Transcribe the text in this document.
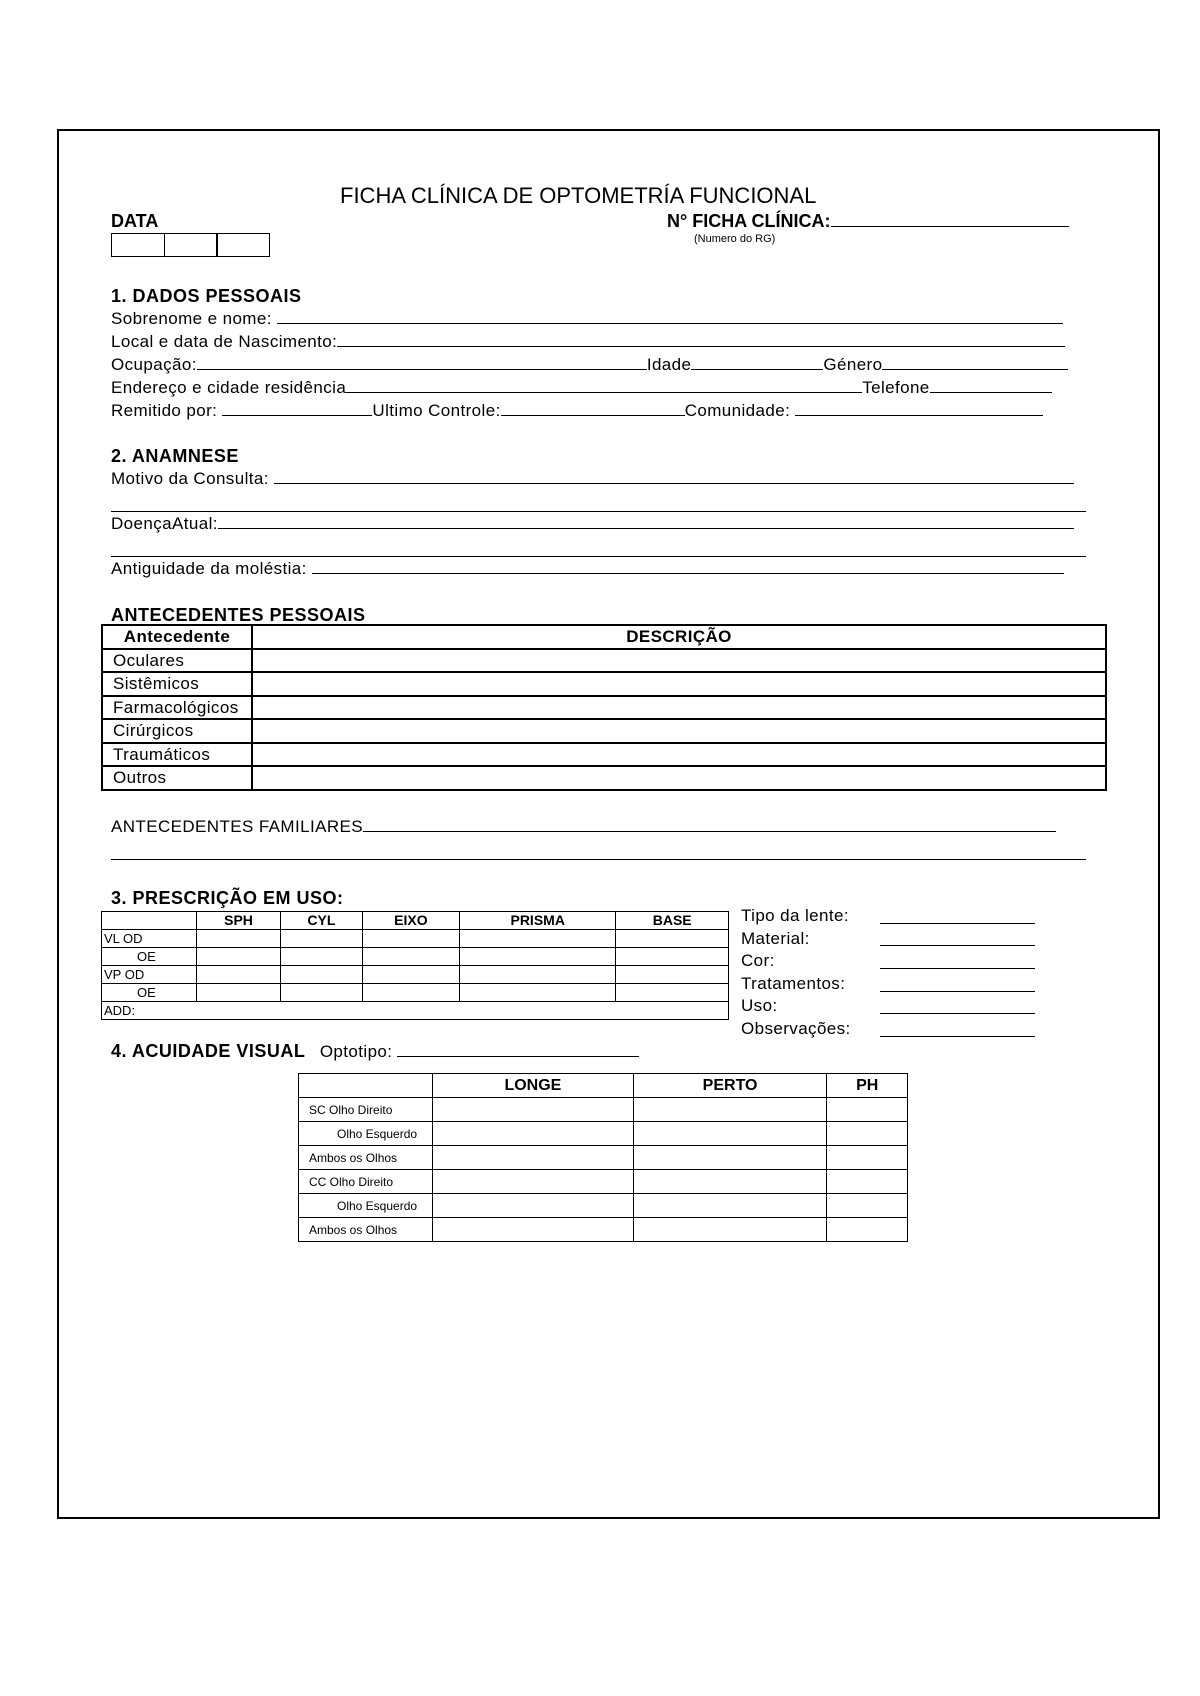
FICHA CLÍNICA DE OPTOMETRÍA FUNCIONAL
DATA	N° FICHA CLÍNICA:
(Numero do RG)
1. DADOS PESSOAIS
Sobrenome e nome:
Local e data de Nascimento:
Ocupação:	Idade	Género
Endereço e cidade residência	Telefone
Remitido por:	Ultimo Controle:	Comunidade:
2. ANAMNESE
Motivo da Consulta:
DoençaAtual:
Antiguidade da moléstia:
ANTECEDENTES PESSOAIS
Antecedente	DESCRIÇÃO
Oculares	
Sistêmicos	
Farmacológicos	
Cirúrgicos	
Traumáticos	
Outros	
ANTECEDENTES FAMILIARES
3. PRESCRIÇÃO EM USO:
	SPH	CYL	EIXO	PRISMA	BASE
VL OD					
OE					
VP OD					
OE					
ADD:					
Tipo da lente:
Material:
Cor:
Tratamentos:
Uso:
Observações:
4. ACUIDADE VISUAL Optotipo:
	LONGE	PERTO	PH
SC Olho Direito			
Olho Esquerdo			
Ambos os Olhos			
CC Olho Direito			
Olho Esquerdo			
Ambos os Olhos			
